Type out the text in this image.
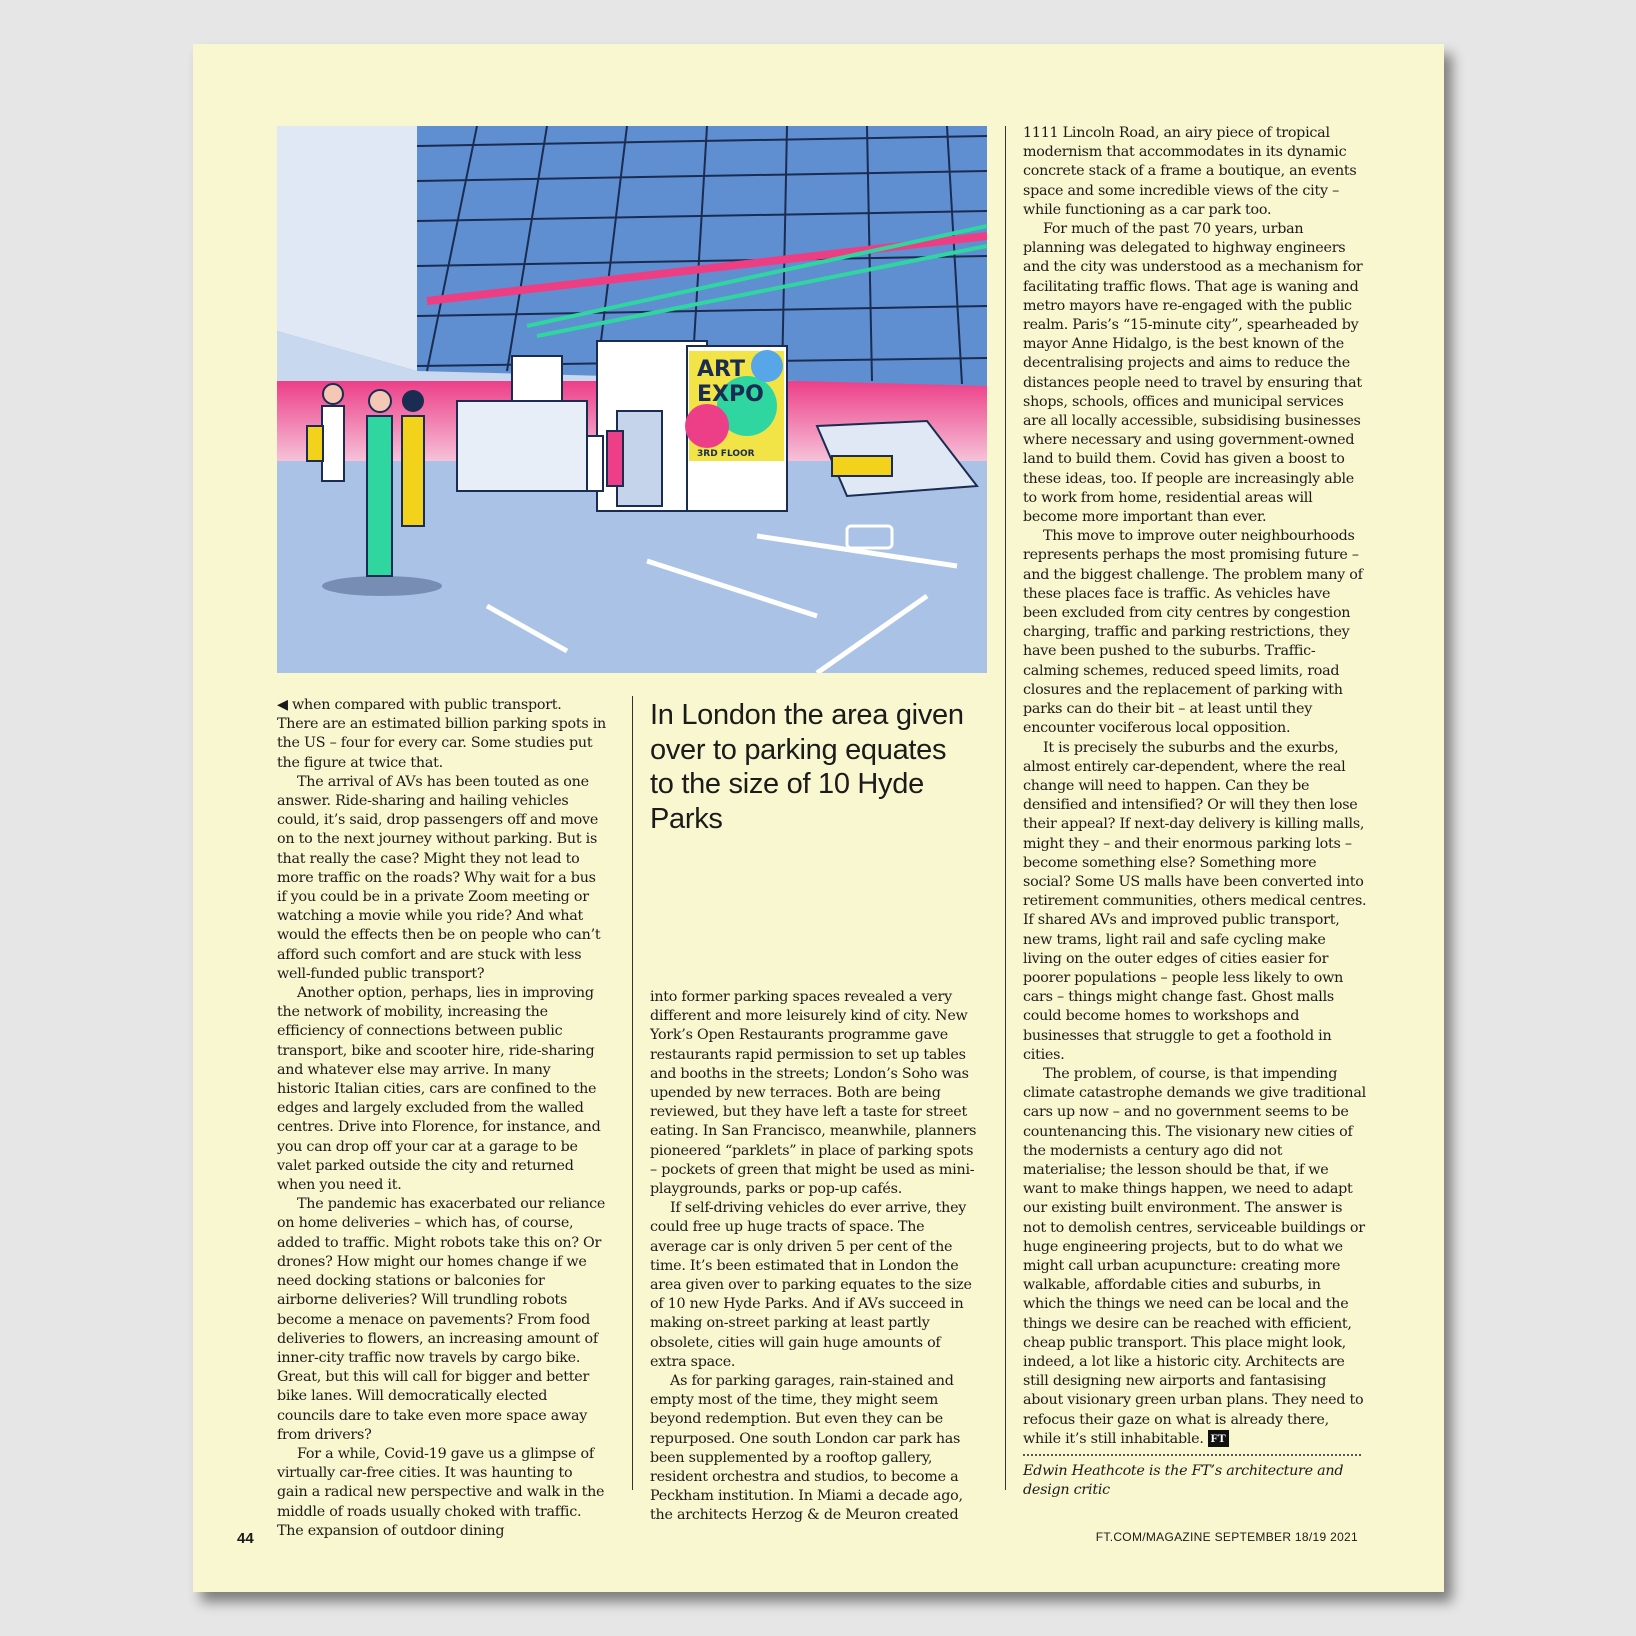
ART
EXPO
3RD FLOOR

◀ when compared with public transport. There are an estimated billion parking spots in the US – four for every car. Some studies put the figure at twice that.

The arrival of AVs has been touted as one answer. Ride-sharing and hailing vehicles could, it’s said, drop passengers off and move on to the next journey without parking. But is that really the case? Might they not lead to more traffic on the roads? Why wait for a bus if you could be in a private Zoom meeting or watching a movie while you ride? And what would the effects then be on people who can’t afford such comfort and are stuck with less well-funded public transport?

Another option, perhaps, lies in improving the network of mobility, increasing the efficiency of connections between public transport, bike and scooter hire, ride-sharing and whatever else may arrive. In many historic Italian cities, cars are confined to the edges and largely excluded from the walled centres. Drive into Florence, for instance, and you can drop off your car at a garage to be valet parked outside the city and returned when you need it.

The pandemic has exacerbated our reliance on home deliveries – which has, of course, added to traffic. Might robots take this on? Or drones? How might our homes change if we need docking stations or balconies for airborne deliveries? Will trundling robots become a menace on pavements? From food deliveries to flowers, an increasing amount of inner-city traffic now travels by cargo bike. Great, but this will call for bigger and better bike lanes. Will democratically elected councils dare to take even more space away from drivers?

For a while, Covid-19 gave us a glimpse of virtually car-free cities. It was haunting to gain a radical new perspective and walk in the middle of roads usually choked with traffic. The expansion of outdoor dining

In London the area given over to parking equates to the size of 10 Hyde Parks

into former parking spaces revealed a very different and more leisurely kind of city. New York’s Open Restaurants programme gave restaurants rapid permission to set up tables and booths in the streets; London’s Soho was upended by new terraces. Both are being reviewed, but they have left a taste for street eating. In San Francisco, meanwhile, planners pioneered “parklets” in place of parking spots – pockets of green that might be used as mini-playgrounds, parks or pop-up cafés.

If self-driving vehicles do ever arrive, they could free up huge tracts of space. The average car is only driven 5 per cent of the time. It’s been estimated that in London the area given over to parking equates to the size of 10 new Hyde Parks. And if AVs succeed in making on-street parking at least partly obsolete, cities will gain huge amounts of extra space.

As for parking garages, rain-stained and empty most of the time, they might seem beyond redemption. But even they can be repurposed. One south London car park has been supplemented by a rooftop gallery, resident orchestra and studios, to become a Peckham institution. In Miami a decade ago, the architects Herzog & de Meuron created

1111 Lincoln Road, an airy piece of tropical modernism that accommodates in its dynamic concrete stack of a frame a boutique, an events space and some incredible views of the city – while functioning as a car park too.

For much of the past 70 years, urban planning was delegated to highway engineers and the city was understood as a mechanism for facilitating traffic flows. That age is waning and metro mayors have re-engaged with the public realm. Paris’s “15-minute city”, spearheaded by mayor Anne Hidalgo, is the best known of the decentralising projects and aims to reduce the distances people need to travel by ensuring that shops, schools, offices and municipal services are all locally accessible, subsidising businesses where necessary and using government-owned land to build them. Covid has given a boost to these ideas, too. If people are increasingly able to work from home, residential areas will become more important than ever.

This move to improve outer neighbourhoods represents perhaps the most promising future – and the biggest challenge. The problem many of these places face is traffic. As vehicles have been excluded from city centres by congestion charging, traffic and parking restrictions, they have been pushed to the suburbs. Traffic-calming schemes, reduced speed limits, road closures and the replacement of parking with parks can do their bit – at least until they encounter vociferous local opposition.

It is precisely the suburbs and the exurbs, almost entirely car-dependent, where the real change will need to happen. Can they be densified and intensified? Or will they then lose their appeal? If next-day delivery is killing malls, might they – and their enormous parking lots – become something else? Something more social? Some US malls have been converted into retirement communities, others medical centres. If shared AVs and improved public transport, new trams, light rail and safe cycling make living on the outer edges of cities easier for poorer populations – people less likely to own cars – things might change fast. Ghost malls could become homes to workshops and businesses that struggle to get a foothold in cities.

The problem, of course, is that impending climate catastrophe demands we give traditional cars up now – and no government seems to be countenancing this. The visionary new cities of the modernists a century ago did not materialise; the lesson should be that, if we want to make things happen, we need to adapt our existing built environment. The answer is not to demolish centres, serviceable buildings or huge engineering projects, but to do what we might call urban acupuncture: creating more walkable, affordable cities and suburbs, in which the things we need can be local and the things we desire can be reached with efficient, cheap public transport. This place might look, indeed, a lot like a historic city. Architects are still designing new airports and fantasising about visionary green urban plans. They need to refocus their gaze on what is already there, while it’s still inhabitable. FT

Edwin Heathcote is the FT’s architecture and design critic
44	FT.COM/MAGAZINE SEPTEMBER 18/19 2021
